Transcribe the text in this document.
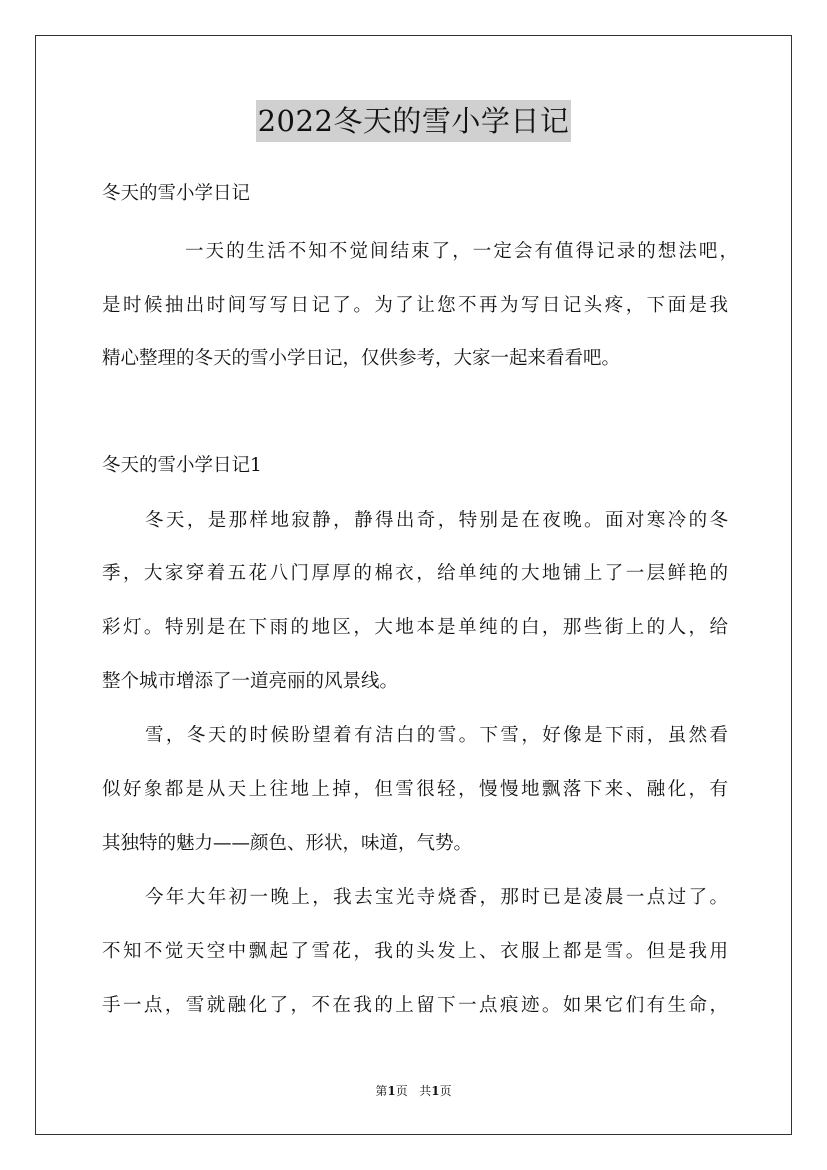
2022冬天的雪小学日记
冬天的雪小学日记
一天的生活不知不觉间结束了，一定会有值得记录的想法吧，
是时候抽出时间写写日记了。为了让您不再为写日记头疼，下面是我
精心整理的冬天的雪小学日记，仅供参考，大家一起来看看吧。
冬天的雪小学日记1
冬天，是那样地寂静，静得出奇，特别是在夜晚。面对寒冷的冬
季，大家穿着五花八门厚厚的棉衣，给单纯的大地铺上了一层鲜艳的
彩灯。特别是在下雨的地区，大地本是单纯的白，那些街上的人，给
整个城市增添了一道亮丽的风景线。
雪，冬天的时候盼望着有洁白的雪。下雪，好像是下雨，虽然看
似好象都是从天上往地上掉，但雪很轻，慢慢地飘落下来、融化，有
其独特的魅力——颜色、形状，味道，气势。
今年大年初一晚上，我去宝光寺烧香，那时已是凌晨一点过了。
不知不觉天空中飘起了雪花，我的头发上、衣服上都是雪。但是我用
手一点，雪就融化了，不在我的上留下一点痕迹。如果它们有生命，
第1页   共1页
